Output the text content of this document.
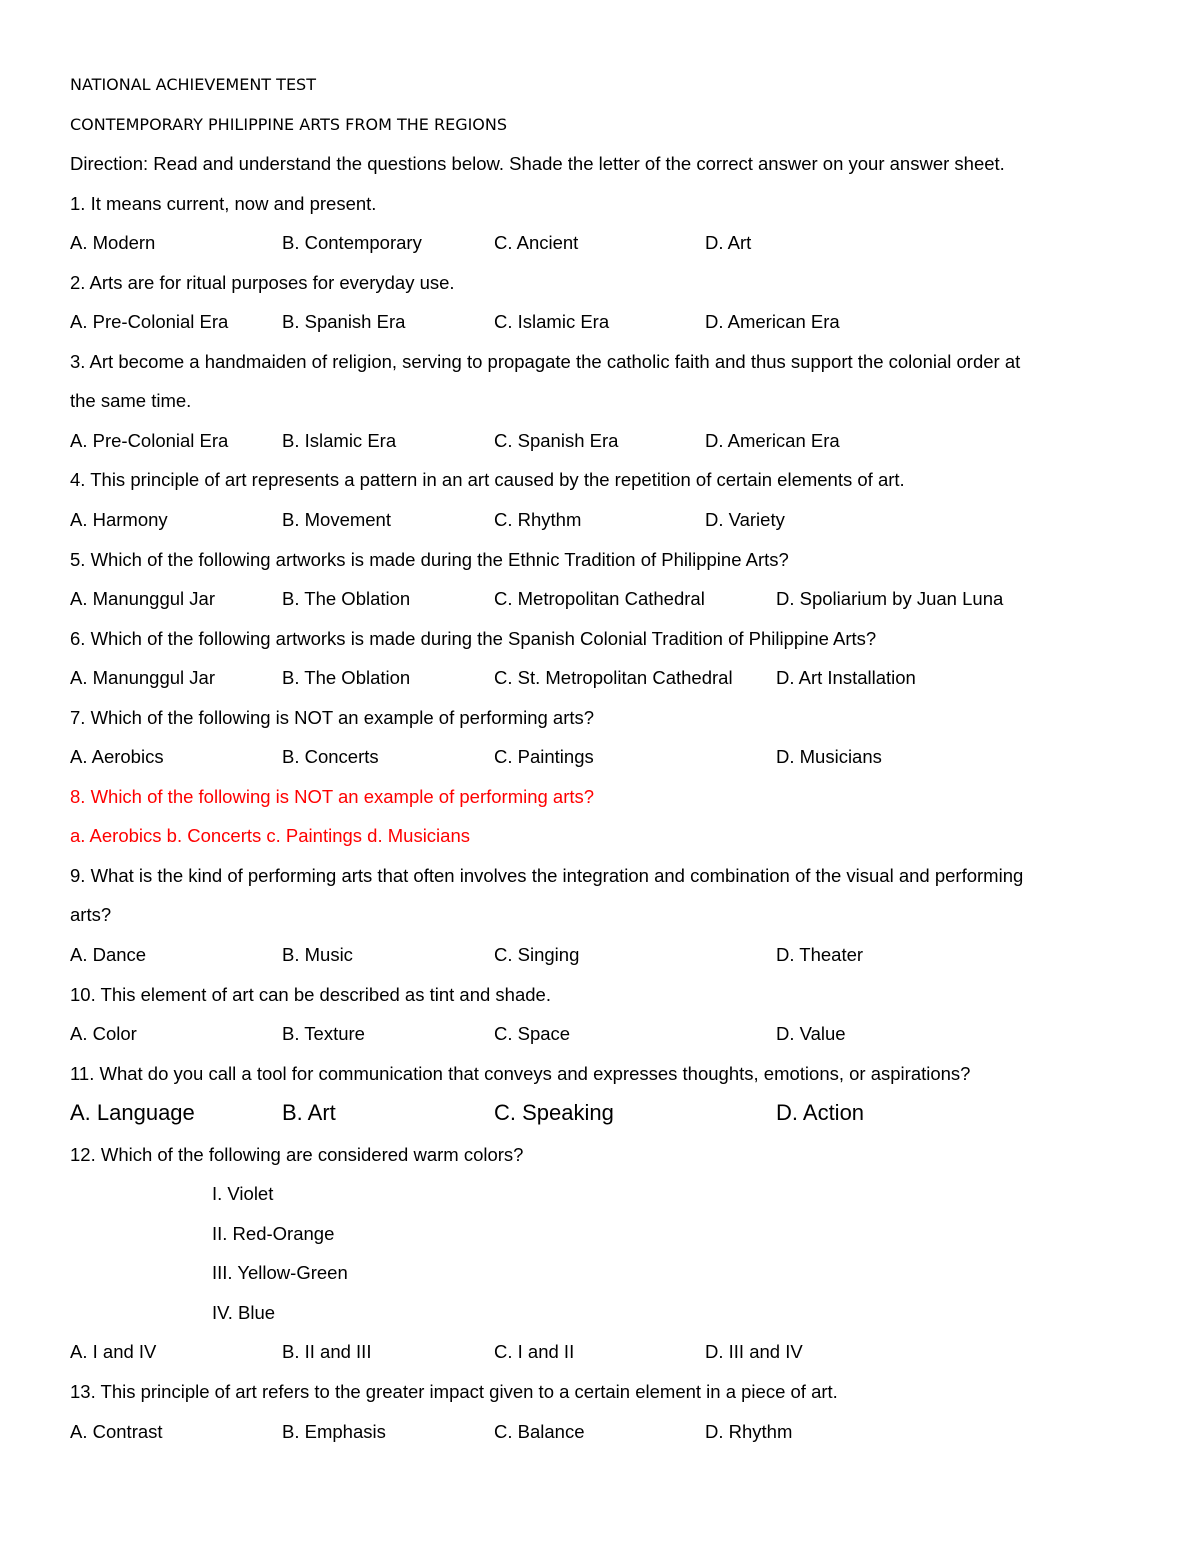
NATIONAL ACHIEVEMENT TEST
CONTEMPORARY PHILIPPINE ARTS FROM THE REGIONS
Direction: Read and understand the questions below. Shade the letter of the correct answer on your answer sheet.
1. It means current, now and present.
A. Modern	B. Contemporary	C. Ancient	D. Art
2. Arts are for ritual purposes for everyday use.
A. Pre-Colonial Era	B. Spanish Era	C. Islamic Era	D. American Era
3. Art become a handmaiden of religion, serving to propagate the catholic faith and thus support the colonial order at
the same time.
A. Pre-Colonial Era	B. Islamic Era	C. Spanish Era	D. American Era
4. This principle of art represents a pattern in an art caused by the repetition of certain elements of art.
A. Harmony	B. Movement	C. Rhythm	D. Variety
5. Which of the following artworks is made during the Ethnic Tradition of Philippine Arts?
A. Manunggul Jar	B. The Oblation	C. Metropolitan Cathedral	D. Spoliarium by Juan Luna
6. Which of the following artworks is made during the Spanish Colonial Tradition of Philippine Arts?
A. Manunggul Jar	B. The Oblation	C. St. Metropolitan Cathedral D. Art Installation
7. Which of the following is NOT an example of performing arts?
A. Aerobics	B. Concerts	C. Paintings	D. Musicians
8. Which of the following is NOT an example of performing arts?
a. Aerobics b. Concerts c. Paintings d. Musicians
9. What is the kind of performing arts that often involves the integration and combination of the visual and performing
arts?
A. Dance	B. Music	C. Singing	D. Theater
10. This element of art can be described as tint and shade.
A. Color	B. Texture	C. Space	D. Value
11. What do you call a tool for communication that conveys and expresses thoughts, emotions, or aspirations?
A. Language	B. Art	C. Speaking	D. Action
12. Which of the following are considered warm colors?
I. Violet
II. Red-Orange
III. Yellow-Green
IV. Blue
A. I and IV	B. II and III	C. I and II	D. III and IV
13. This principle of art refers to the greater impact given to a certain element in a piece of art.
A. Contrast	B. Emphasis	C. Balance	D. Rhythm
